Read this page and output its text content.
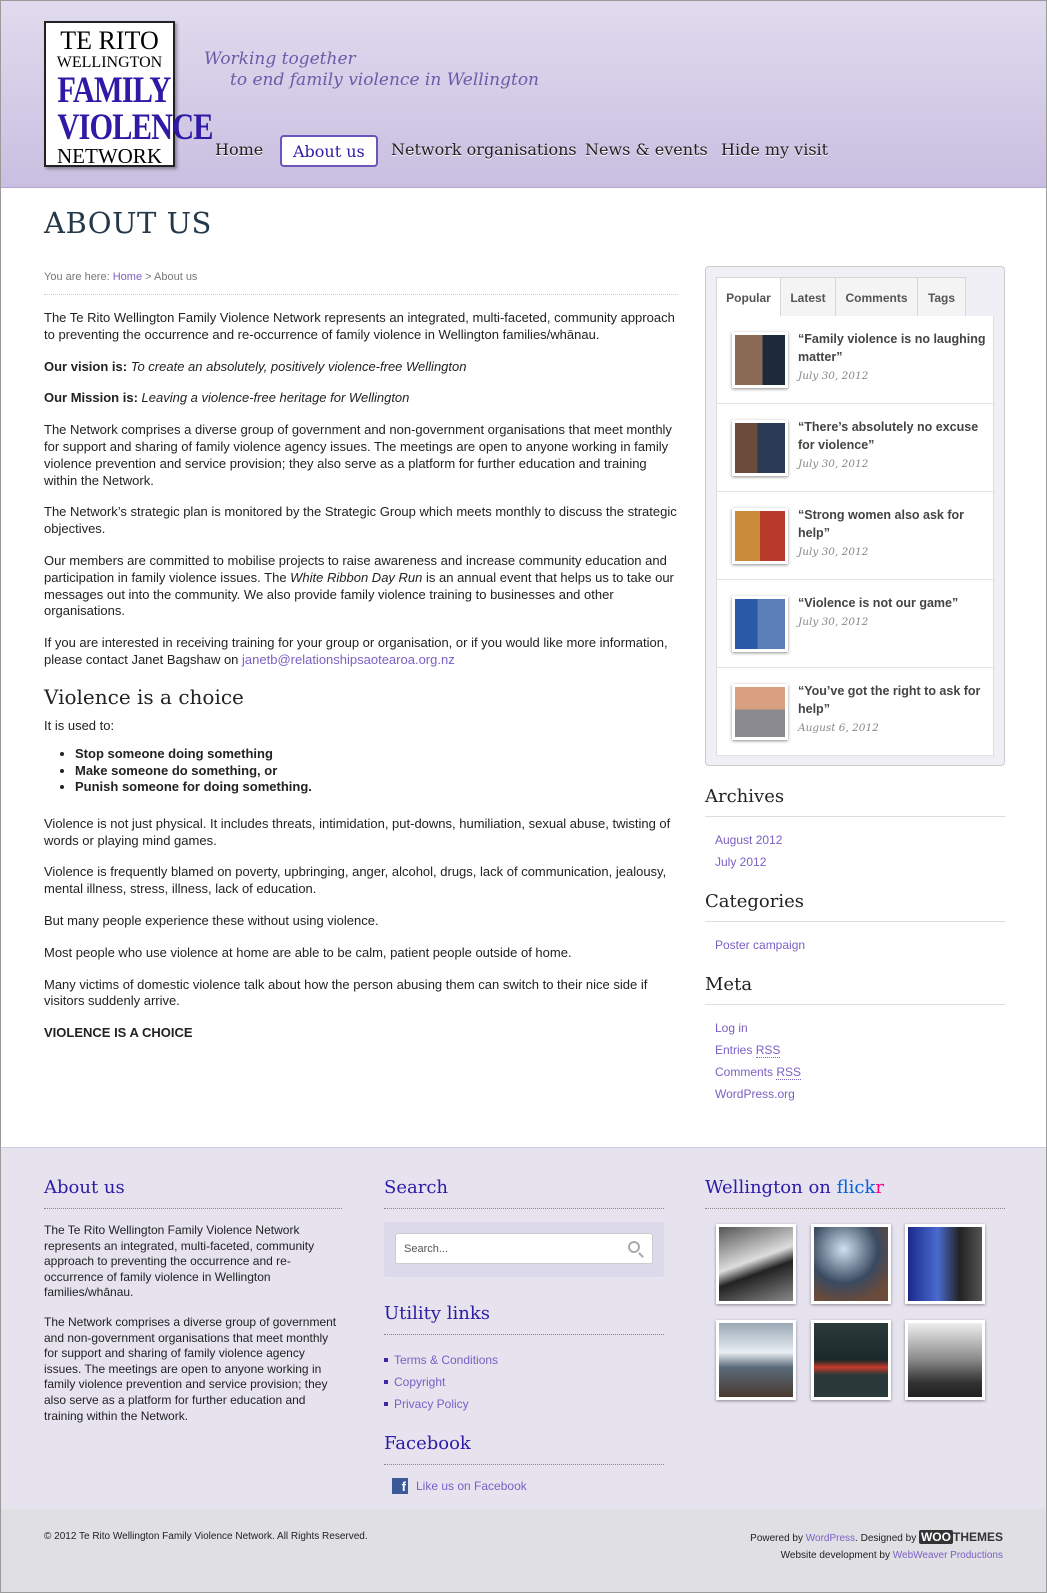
TE RITO
WELLINGTON
FAMILY
VIOLENCE
NETWORK
Working together
to end family violence in Wellington
Home	About us	Network organisations News & events Hide my visit
ABOUT US
You are here: Home > About us

The Te Rito Wellington Family Violence Network represents an integrated, multi-faceted, community approach to preventing the occurrence and re-occurrence of family violence in Wellington families/whānau.

Our vision is: To create an absolutely, positively violence-free Wellington

Our Mission is: Leaving a violence-free heritage for Wellington

The Network comprises a diverse group of government and non-government organisations that meet monthly for support and sharing of family violence agency issues. The meetings are open to anyone working in family violence prevention and service provision; they also serve as a platform for further education and training within the Network.

The Network’s strategic plan is monitored by the Strategic Group which meets monthly to discuss the strategic objectives.

Our members are committed to mobilise projects to raise awareness and increase community education and participation in family violence issues. The White Ribbon Day Run is an annual event that helps us to take our messages out into the community. We also provide family violence training to businesses and other organisations.

If you are interested in receiving training for your group or organisation, or if you would like more information, please contact Janet Bagshaw on janetb@relationshipsaotearoa.org.nz

Violence is a choice

It is used to:

• Stop someone doing something
• Make someone do something, or
• Punish someone for doing something.

Violence is not just physical. It includes threats, intimidation, put-downs, humiliation, sexual abuse, twisting of words or playing mind games.

Violence is frequently blamed on poverty, upbringing, anger, alcohol, drugs, lack of communication, jealousy, mental illness, stress, illness, lack of education.

But many people experience these without using violence.

Most people who use violence at home are able to be calm, patient people outside of home.

Many victims of domestic violence talk about how the person abusing them can switch to their nice side if visitors suddenly arrive.

VIOLENCE IS A CHOICE

Popular	Latest	Comments	Tags
“Family violence is no laughing matter”
July 30, 2012
“There’s absolutely no excuse for violence”
July 30, 2012
“Strong women also ask for help”
July 30, 2012
“Violence is not our game”
July 30, 2012
“You’ve got the right to ask for help”
August 6, 2012
Archives
August 2012
July 2012
Categories
Poster campaign
Meta
Log in
Entries RSS
Comments RSS
WordPress.org
About us

The Te Rito Wellington Family Violence Network represents an integrated, multi-faceted, community approach to preventing the occurrence and re-occurrence of family violence in Wellington families/whānau.

The Network comprises a diverse group of government and non-government organisations that meet monthly for support and sharing of family violence agency issues. The meetings are open to anyone working in family violence prevention and service provision; they also serve as a platform for further education and training within the Network.

Search
Search...
Utility links
Terms & Conditions
Copyright
Privacy Policy
Facebook
f Like us on Facebook
Wellington on flickr
© 2012 Te Rito Wellington Family Violence Network. All Rights Reserved.	Powered by WordPress. Designed by WOO THEMES
Website development by WebWeaver Productions
